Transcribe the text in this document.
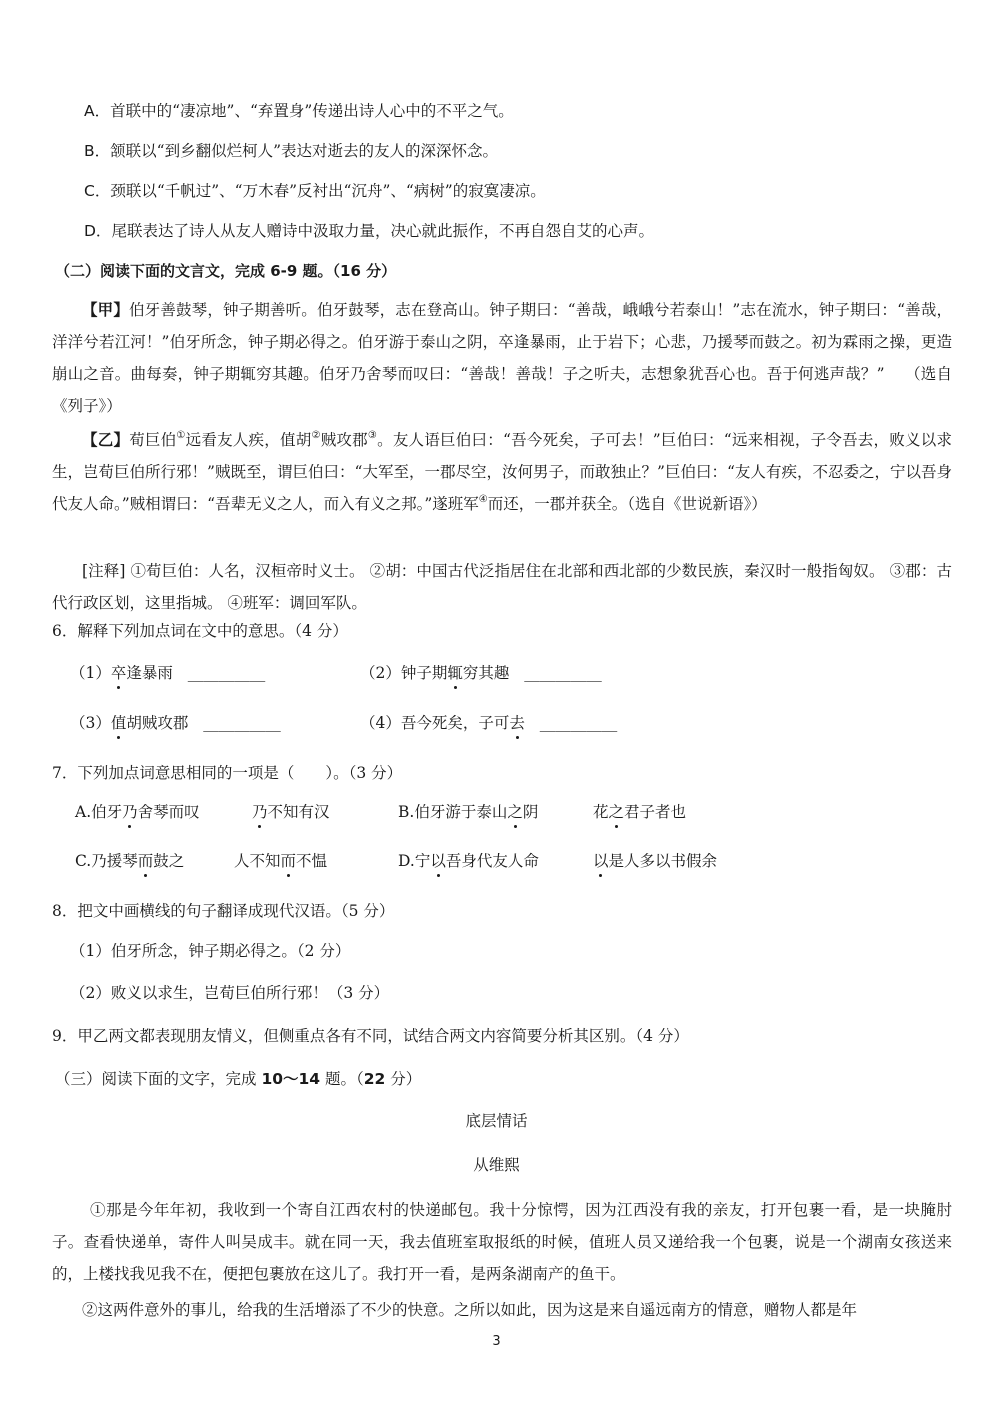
A．首联中的“凄凉地”、“弃置身”传递出诗人心中的不平之气。
B．颔联以“到乡翻似烂柯人”表达对逝去的友人的深深怀念。
C．颈联以“千帆过”、“万木春”反衬出“沉舟”、“病树”的寂寞凄凉。
D．尾联表达了诗人从友人赠诗中汲取力量，决心就此振作，不再自怨自艾的心声。
（二）阅读下面的文言文，完成 6-9 题。（16 分）
【甲】伯牙善鼓琴，钟子期善听。伯牙鼓琴，志在登高山。钟子期曰：“善哉，峨峨兮若泰山！”志在流水，钟子期曰：“善哉，洋洋兮若江河！”伯牙所念，钟子期必得之。伯牙游于泰山之阴，卒逢暴雨，止于岩下；心悲，乃援琴而鼓之。初为霖雨之操，更造崩山之音。曲每奏，钟子期辄穷其趣。伯牙乃舍琴而叹曰：“善哉！善哉！子之听夫，志想象犹吾心也。吾于何逃声哉？” （选自《列子》）
【乙】荀巨伯①远看友人疾，值胡②贼攻郡③。友人语巨伯曰：“吾今死矣，子可去！”巨伯曰：“远来相视，子令吾去，败义以求生，岂荀巨伯所行邪！”贼既至，谓巨伯曰：“大军至，一郡尽空，汝何男子，而敢独止？”巨伯曰：“友人有疾，不忍委之，宁以吾身代友人命。”贼相谓曰：“吾辈无义之人，而入有义之邦。”遂班军④而还，一郡并获全。（选自《世说新语》）
[注释] ①荀巨伯：人名，汉桓帝时义士。 ②胡：中国古代泛指居住在北部和西北部的少数民族，秦汉时一般指匈奴。 ③郡：古代行政区划，这里指城。 ④班军：调回军队。
6．解释下列加点词在文中的意思。（4 分）
（1）卒逢暴雨 __________	（2）钟子期辄穷其趣 __________
（3）值胡贼攻郡 __________	（4）吾今死矣，子可去 __________
7．下列加点词意思相同的一项是（　　）。（3 分）
A.伯牙乃舍琴而叹	乃不知有汉	B.伯牙游于泰山之阴	花之君子者也
C.乃援琴而鼓之	人不知而不愠	D.宁以吾身代友人命	以是人多以书假余
8．把文中画横线的句子翻译成现代汉语。（5 分）
（1）伯牙所念，钟子期必得之。（2 分）
（2）败义以求生，岂荀巨伯所行邪！（3 分）
9．甲乙两文都表现朋友情义，但侧重点各有不同，试结合两文内容简要分析其区别。（4 分）
（三）阅读下面的文字，完成 10～14 题。（22 分）
底层情话
从维熙
①那是今年年初，我收到一个寄自江西农村的快递邮包。我十分惊愕，因为江西没有我的亲友，打开包裹一看，是一块腌肘子。查看快递单，寄件人叫吴成丰。就在同一天，我去值班室取报纸的时候，值班人员又递给我一个包裹，说是一个湖南女孩送来的，上楼找我见我不在，便把包裹放在这儿了。我打开一看，是两条湖南产的鱼干。
②这两件意外的事儿，给我的生活增添了不少的快意。之所以如此，因为这是来自遥远南方的情意，赠物人都是年
3
